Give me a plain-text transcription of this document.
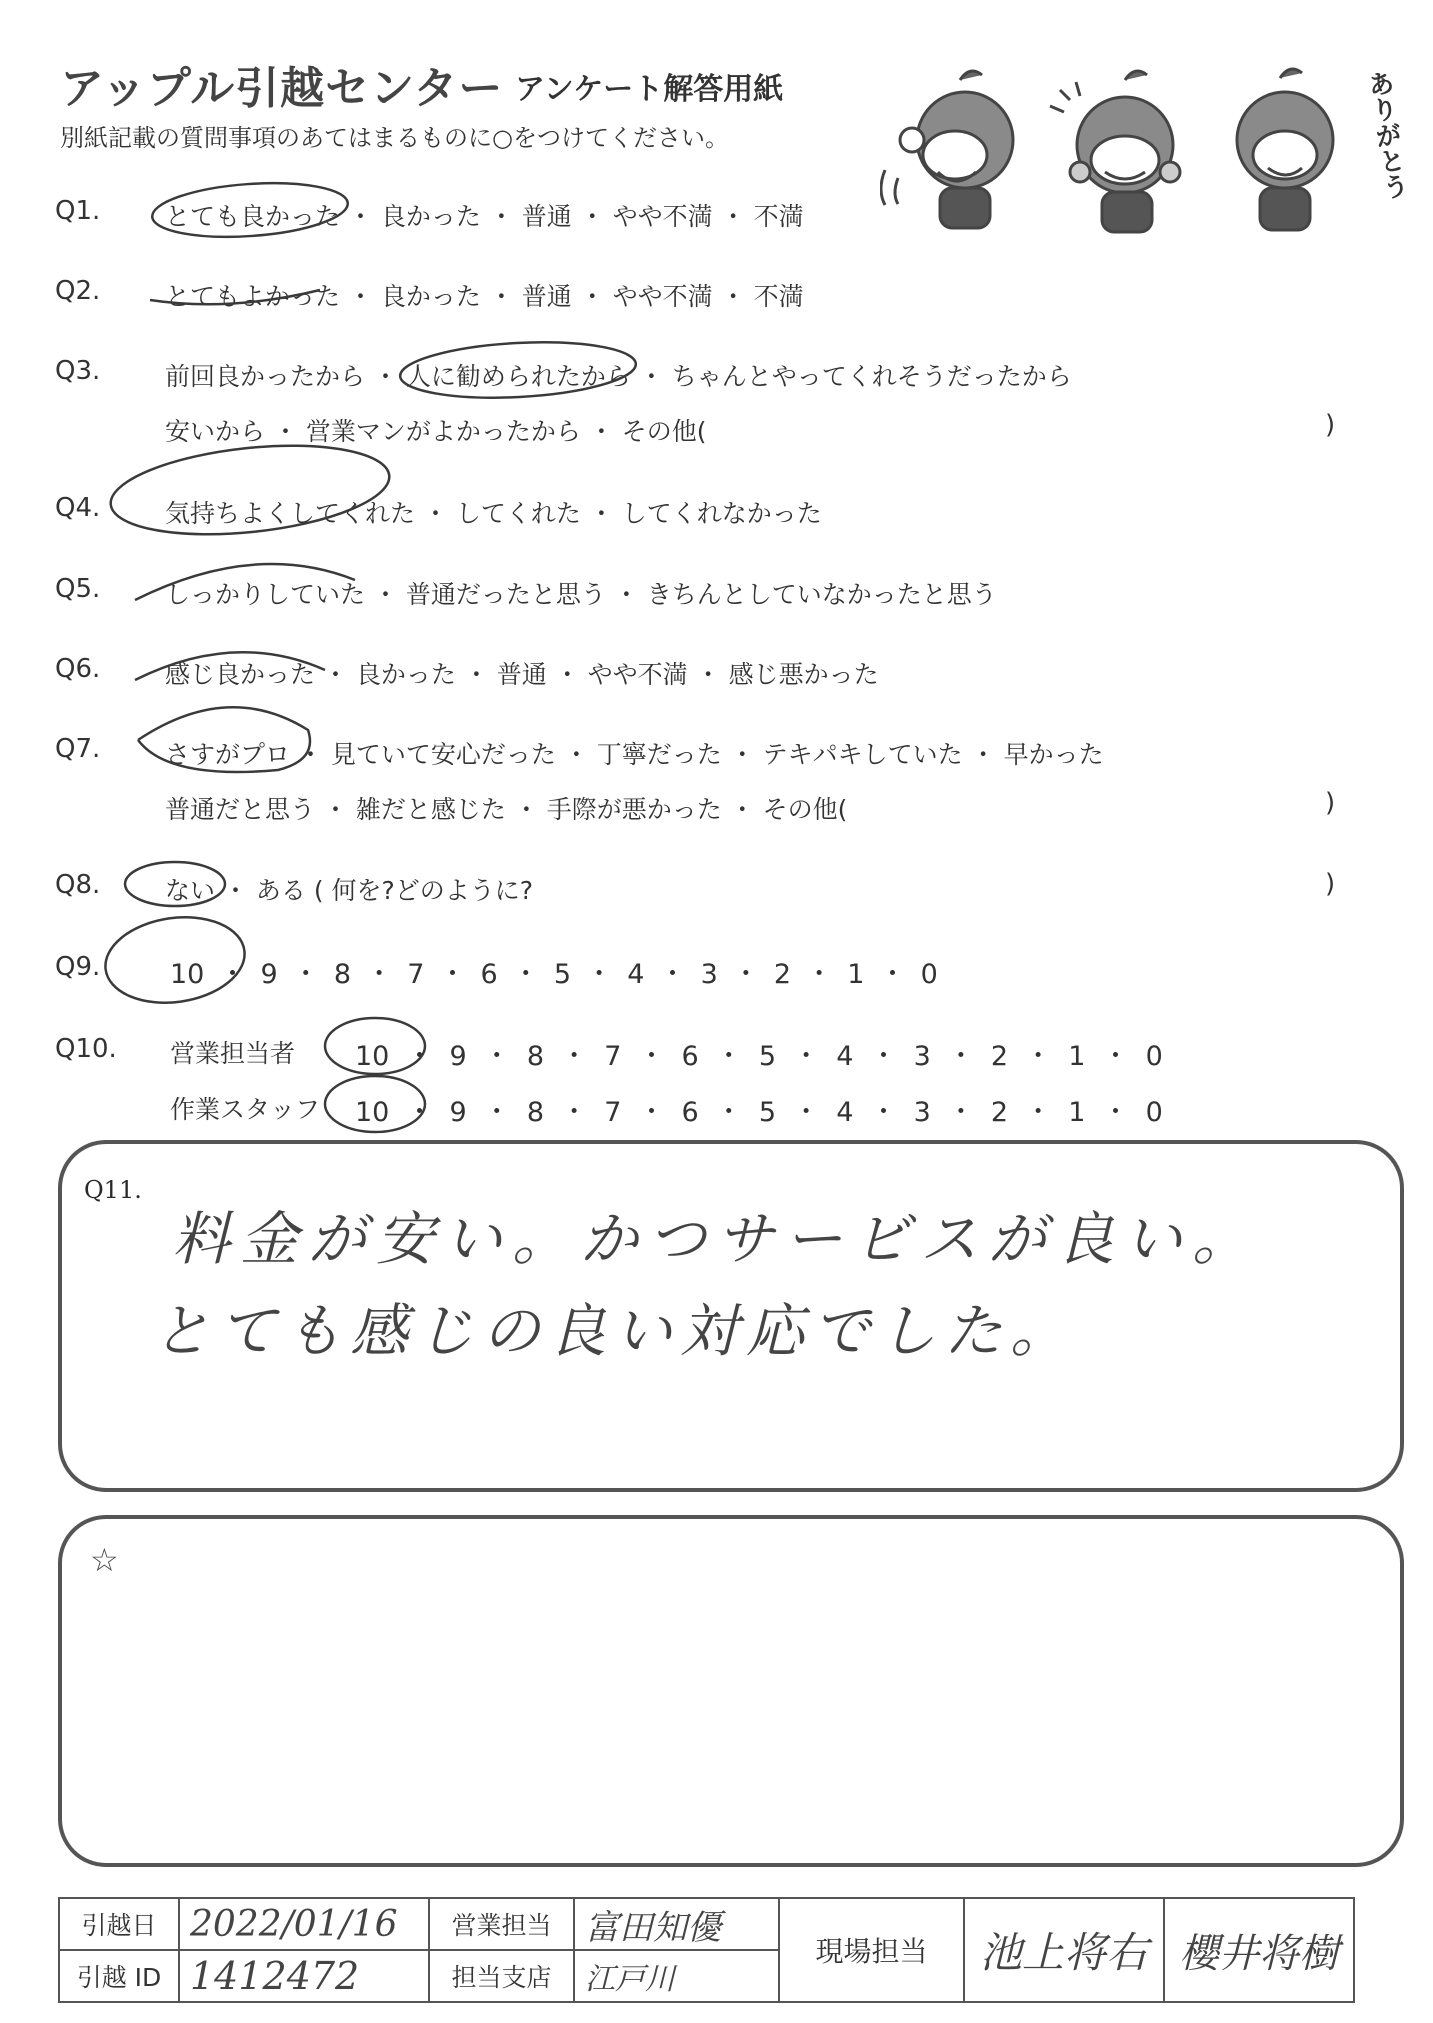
アップル引越センター アンケート解答用紙
別紙記載の質問事項のあてはまるものに○をつけてください。	ありがとう
Q1.	とても良かった ・ 良かった ・ 普通 ・ やや不満 ・ 不満
Q2.	とてもよかった ・ 良かった ・ 普通 ・ やや不満 ・ 不満
Q3.	前回良かったから ・ 人に勧められたから ・ ちゃんとやってくれそうだったから
安いから ・ 営業マンがよかったから ・ その他(	)
Q4.	気持ちよくしてくれた ・ してくれた ・ してくれなかった
Q5.	しっかりしていた ・ 普通だったと思う ・ きちんとしていなかったと思う
Q6.	感じ良かった ・ 良かった ・ 普通 ・ やや不満 ・ 感じ悪かった
Q7.	さすがプロ ・ 見ていて安心だった ・ 丁寧だった ・ テキパキしていた ・ 早かった
普通だと思う ・ 雑だと感じた ・ 手際が悪かった ・ その他(	)
Q8.	ない ・ ある ( 何を?どのように?	)
Q9.	10 ・ 9 ・ 8 ・ 7 ・ 6 ・ 5 ・ 4 ・ 3 ・ 2 ・ 1 ・ 0
Q10. 営業担当者 10 ・ 9 ・ 8 ・ 7 ・ 6 ・ 5 ・ 4 ・ 3 ・ 2 ・ 1 ・ 0
作業スタッフ 10 ・ 9 ・ 8 ・ 7 ・ 6 ・ 5 ・ 4 ・ 3 ・ 2 ・ 1 ・ 0
Q11.
料金が安い。かつサービスが良い。
とても感じの良い対応でした。
☆
引越日	2022/01/16	営業担当	富田知優	現場担当	池上将右	櫻井将樹
引越 ID	1412472	担当支店	江戸川			
